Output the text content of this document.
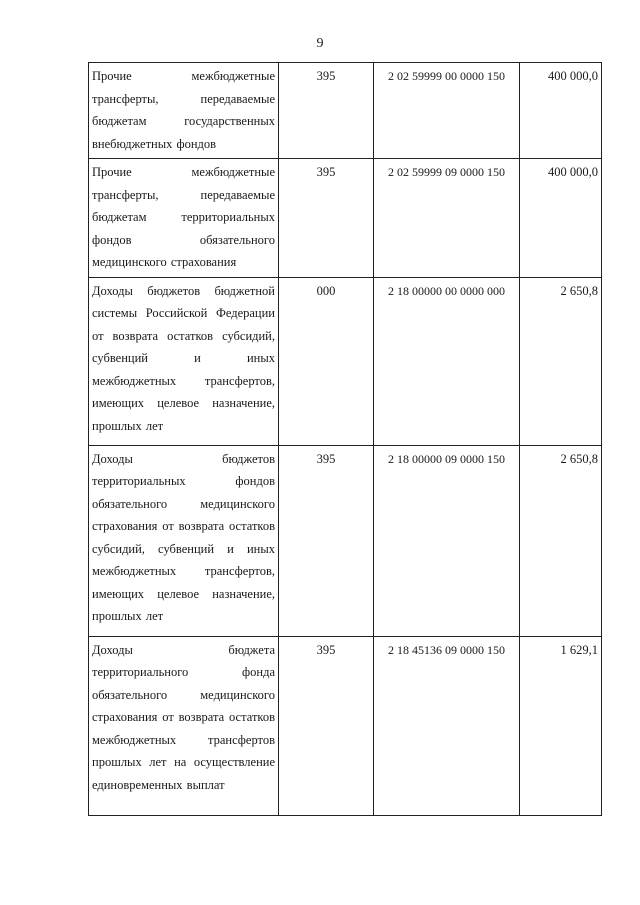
9
Прочие межбюджетные трансферты, передаваемые бюджетам государственных внебюджетных фондов	395	2 02 59999 00 0000 150	400 000,0
Прочие межбюджетные трансферты, передаваемые бюджетам территориальных фондов обязательного медицинского страхования	395	2 02 59999 09 0000 150	400 000,0
Доходы бюджетов бюджетной системы Российской Федерации от возврата остатков субсидий, субвенций и иных межбюджетных трансфертов, имеющих целевое назначение, прошлых лет	000	2 18 00000 00 0000 000	2 650,8
Доходы бюджетов территориальных фондов обязательного медицинского страхования от возврата остатков субсидий, субвенций и иных межбюджетных трансфертов, имеющих целевое назначение, прошлых лет	395	2 18 00000 09 0000 150	2 650,8
Доходы бюджета территориального фонда обязательного медицинского страхования от возврата остатков межбюджетных трансфертов прошлых лет на осуществление единовременных выплат	395	2 18 45136 09 0000 150	1 629,1
